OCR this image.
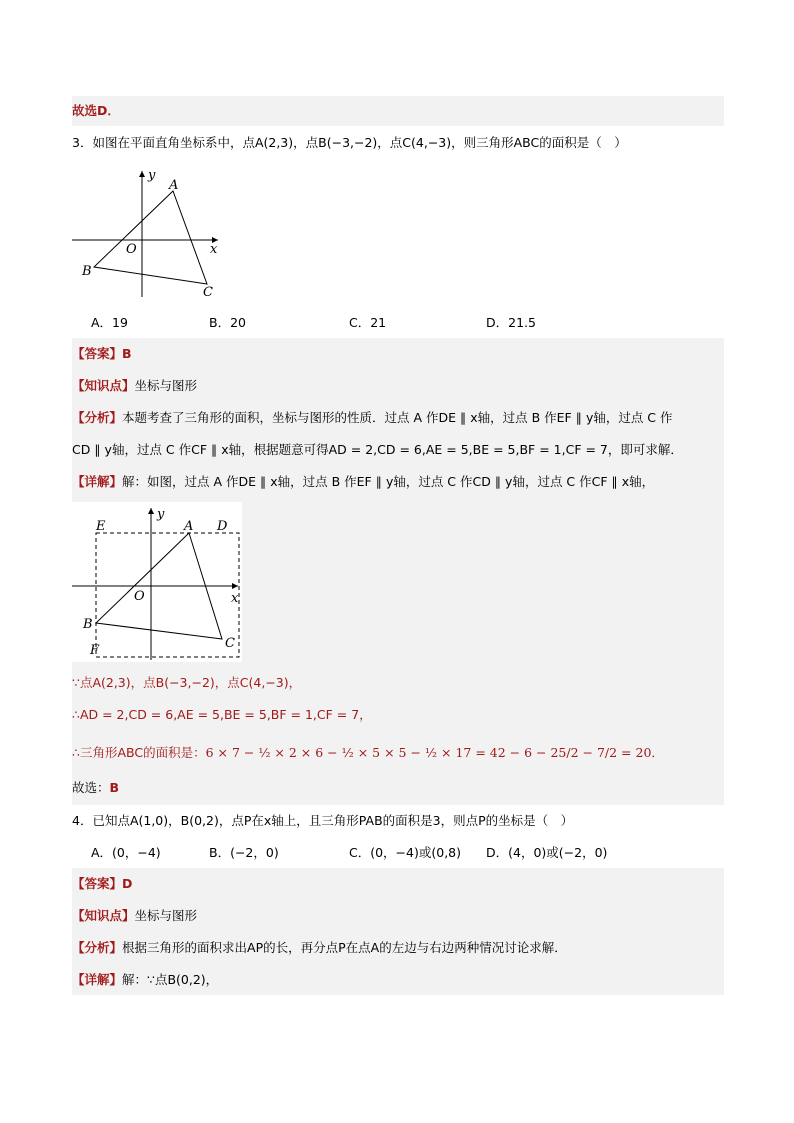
故选D．
3．如图在平面直角坐标系中，点A(2,3)，点B(−3,−2)，点C(4,−3)，则三角形ABC的面积是（　）
y
x
O
A
B
C
A．19	B．20	C．21	D．21.5
【答案】B
【知识点】坐标与图形
【分析】本题考查了三角形的面积，坐标与图形的性质．过点 A 作DE ∥ x轴，过点 B 作EF ∥ y轴，过点 C 作
CD ∥ y轴，过点 C 作CF ∥ x轴，根据题意可得AD = 2,CD = 6,AE = 5,BE = 5,BF = 1,CF = 7，即可求解．
【详解】解：如图，过点 A 作DE ∥ x轴，过点 B 作EF ∥ y轴，过点 C 作CD ∥ y轴，过点 C 作CF ∥ x轴，
E	D
y
A
O	x
B
C
F
∵点A(2,3)，点B(−3,−2)，点C(4,−3)，
∴AD = 2,CD = 6,AE = 5,BE = 5,BF = 1,CF = 7，
∴三角形ABC的面积是：6 × 7 − ½ × 2 × 6 − ½ × 5 × 5 − ½ × 17 = 42 − 6 − 25/2 − 7/2 = 20．
故选：B
4．已知点A(1,0)，B(0,2)，点P在x轴上，且三角形PAB的面积是3，则点P的坐标是（　）
A．(0，−4)	B．(−2，0)	C．(0，−4)或(0,8) D．(4，0)或(−2，0)
【答案】D
【知识点】坐标与图形
【分析】根据三角形的面积求出AP的长，再分点P在点A的左边与右边两种情况讨论求解．
【详解】解：∵点B(0,2)，
